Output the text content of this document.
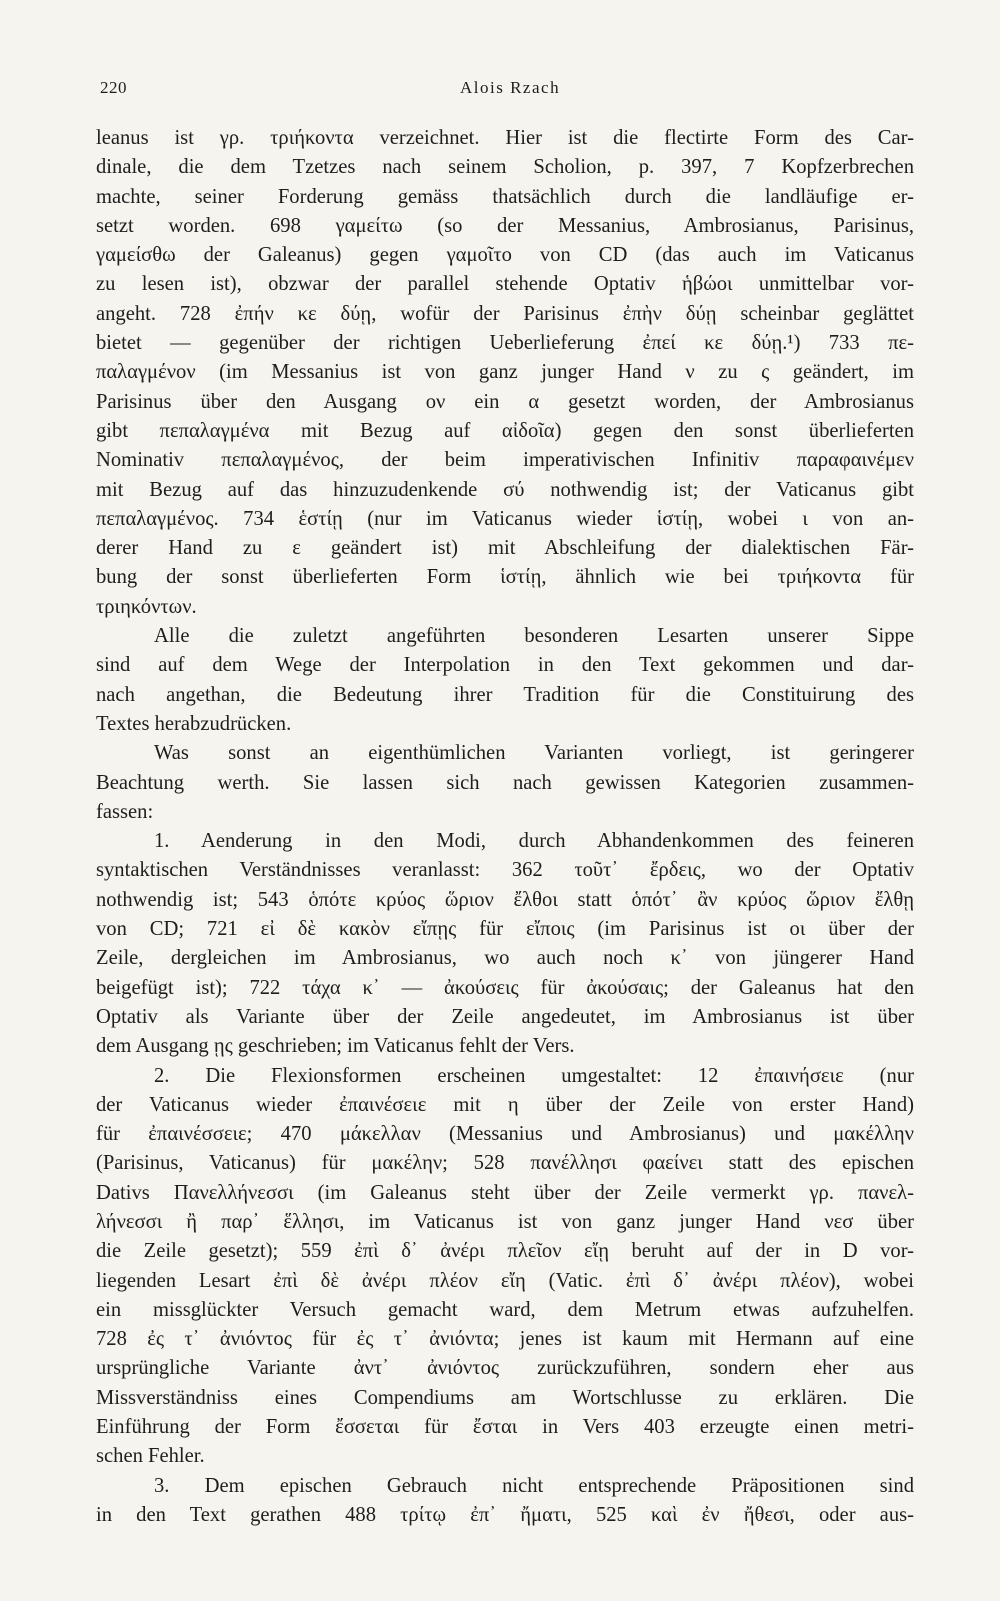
220	Alois Rzach
leanus ist γρ. τριήκοντα verzeichnet. Hier ist die flectirte Form des Car-
dinale, die dem Tzetzes nach seinem Scholion, p. 397, 7 Kopfzerbrechen
machte, seiner Forderung gemäss thatsächlich durch die landläufige er-
setzt worden. 698 γαμείτω (so der Messanius, Ambrosianus, Parisinus,
γαμείσθω der Galeanus) gegen γαμοῖτο von CD (das auch im Vaticanus
zu lesen ist), obzwar der parallel stehende Optativ ἡβώοι unmittelbar vor-
angeht. 728 ἐπήν κε δύῃ, wofür der Parisinus ἐπὴν δύῃ scheinbar geglättet
bietet — gegenüber der richtigen Ueberlieferung ἐπεί κε δύῃ.¹) 733 πε-
παλαγμένον (im Messanius ist von ganz junger Hand ν zu ς geändert, im
Parisinus über den Ausgang ον ein α gesetzt worden, der Ambrosianus
gibt πεπαλαγμένα mit Bezug auf αἰδοῖα) gegen den sonst überlieferten
Nominativ πεπαλαγμένος, der beim imperativischen Infinitiv παραφαινέμεν
mit Bezug auf das hinzuzudenkende σύ nothwendig ist; der Vaticanus gibt
πεπαλαγμένος. 734 ἑστίῃ (nur im Vaticanus wieder ἱστίῃ, wobei ι von an-
derer Hand zu ε geändert ist) mit Abschleifung der dialektischen Fär-
bung der sonst überlieferten Form ἱστίῃ, ähnlich wie bei τριήκοντα für
τριηκόντων.
Alle die zuletzt angeführten besonderen Lesarten unserer Sippe
sind auf dem Wege der Interpolation in den Text gekommen und dar-
nach angethan, die Bedeutung ihrer Tradition für die Constituirung des
Textes herabzudrücken.
Was sonst an eigenthümlichen Varianten vorliegt, ist geringerer
Beachtung werth. Sie lassen sich nach gewissen Kategorien zusammen-
fassen:
1. Aenderung in den Modi, durch Abhandenkommen des feineren
syntaktischen Verständnisses veranlasst: 362 τοῦτ᾽ ἔρδεις, wo der Optativ
nothwendig ist; 543 ὁπότε κρύος ὥριον ἔλθοι statt ὁπότ᾽ ἂν κρύος ὥριον ἔλθῃ
von CD; 721 εἰ δὲ κακὸν εἴπῃς für εἴποις (im Parisinus ist οι über der
Zeile, dergleichen im Ambrosianus, wo auch noch κ᾽ von jüngerer Hand
beigefügt ist); 722 τάχα κ᾽ — ἀκούσεις für ἀκούσαις; der Galeanus hat den
Optativ als Variante über der Zeile angedeutet, im Ambrosianus ist über
dem Ausgang ῃς geschrieben; im Vaticanus fehlt der Vers.
2. Die Flexionsformen erscheinen umgestaltet: 12 ἐπαινήσειε (nur
der Vaticanus wieder ἐπαινέσειε mit η über der Zeile von erster Hand)
für ἐπαινέσσειε; 470 μάκελλαν (Messanius und Ambrosianus) und μακέλλην
(Parisinus, Vaticanus) für μακέλην; 528 πανέλλησι φαείνει statt des epischen
Dativs Πανελλήνεσσι (im Galeanus steht über der Zeile vermerkt γρ. πανελ-
λήνεσσι ἢ παρ᾽ ἕλλησι, im Vaticanus ist von ganz junger Hand νεσ über
die Zeile gesetzt); 559 ἐπὶ δ᾽ ἀνέρι πλεῖον εἴῃ beruht auf der in D vor-
liegenden Lesart ἐπὶ δὲ ἀνέρι πλέον εἴη (Vatic. ἐπὶ δ᾽ ἀνέρι πλέον), wobei
ein missglückter Versuch gemacht ward, dem Metrum etwas aufzuhelfen.
728 ἐς τ᾽ ἀνιόντος für ἐς τ᾽ ἀνιόντα; jenes ist kaum mit Hermann auf eine
ursprüngliche Variante ἀντ᾽ ἀνιόντος zurückzuführen, sondern eher aus
Missverständniss eines Compendiums am Wortschlusse zu erklären. Die
Einführung der Form ἔσσεται für ἔσται in Vers 403 erzeugte einen metri-
schen Fehler.
3. Dem epischen Gebrauch nicht entsprechende Präpositionen sind
in den Text gerathen 488 τρίτῳ ἐπ᾽ ἤματι, 525 καὶ ἐν ἤθεσι, oder aus-
